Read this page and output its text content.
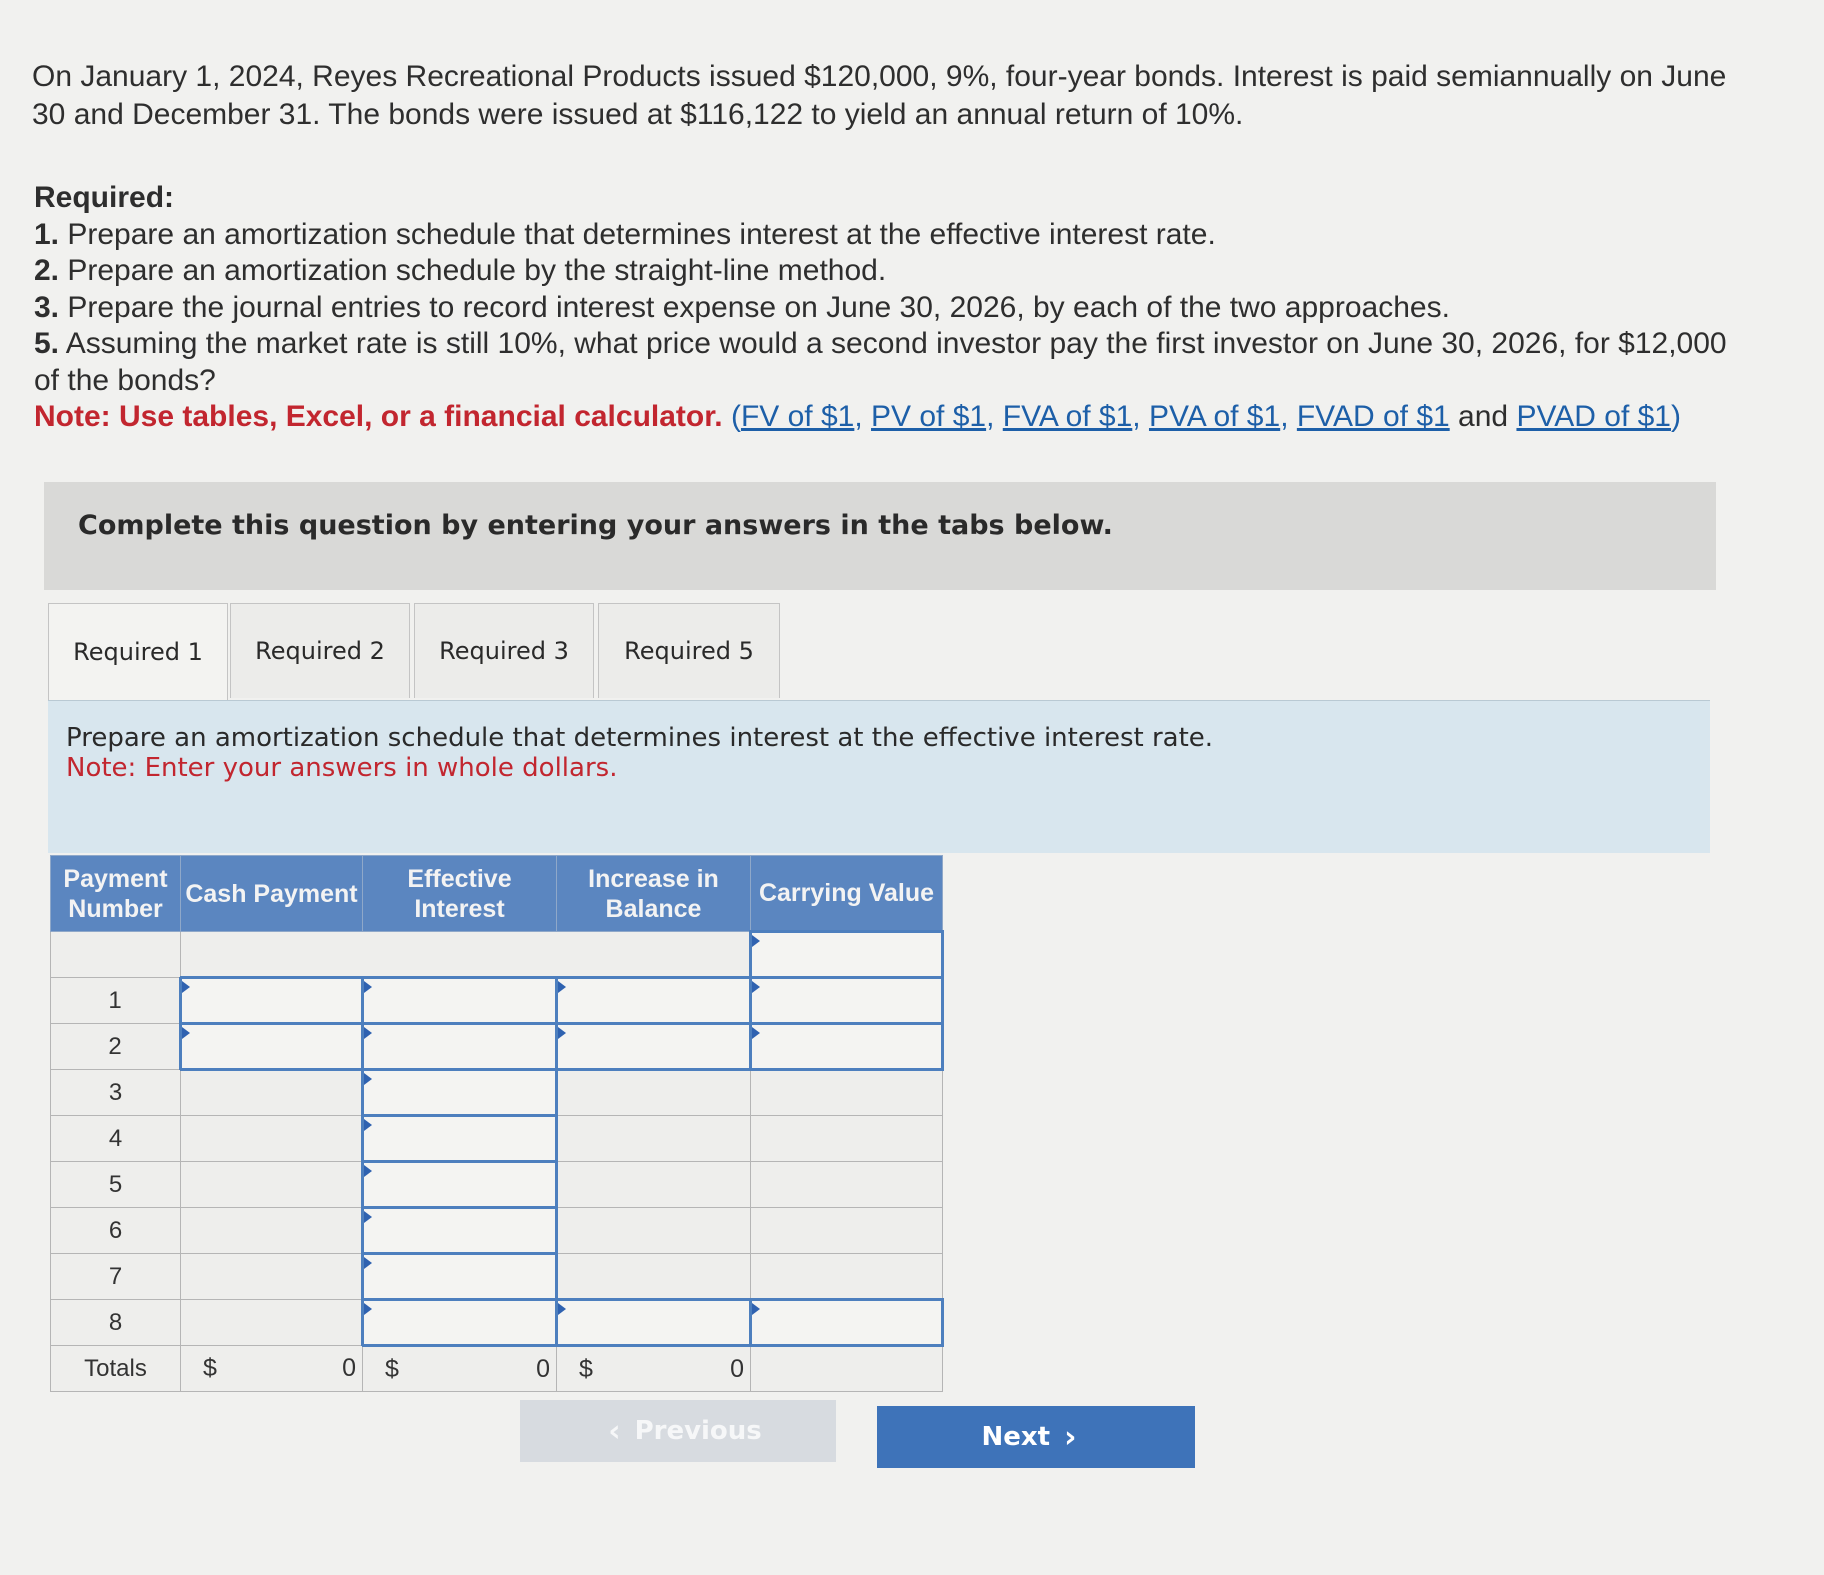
On January 1, 2024, Reyes Recreational Products issued $120,000, 9%, four-year bonds. Interest is paid semiannually on June 30 and December 31. The bonds were issued at $116,122 to yield an annual return of 10%.

Required:
1. Prepare an amortization schedule that determines interest at the effective interest rate.
2. Prepare an amortization schedule by the straight-line method.
3. Prepare the journal entries to record interest expense on June 30, 2026, by each of the two approaches.
5. Assuming the market rate is still 10%, what price would a second investor pay the first investor on June 30, 2026, for $12,000 of the bonds?
Note: Use tables, Excel, or a financial calculator. (FV of $1, PV of $1, FVA of $1, PVA of $1, FVAD of $1 and PVAD of $1)
Complete this question by entering your answers in the tabs below.
Required 1	Required 2	Required 3	Required 5
Prepare an amortization schedule that determines interest at the effective interest rate.
Note: Enter your answers in whole dollars.
Payment Number	Cash Payment	Effective Interest	Increase in Balance	Carrying Value

1				
2				
3				
4				
5				
6				
7				
8				
Totals	$ 0	$ 0	$ 0	

‹ Previous	Next ›
